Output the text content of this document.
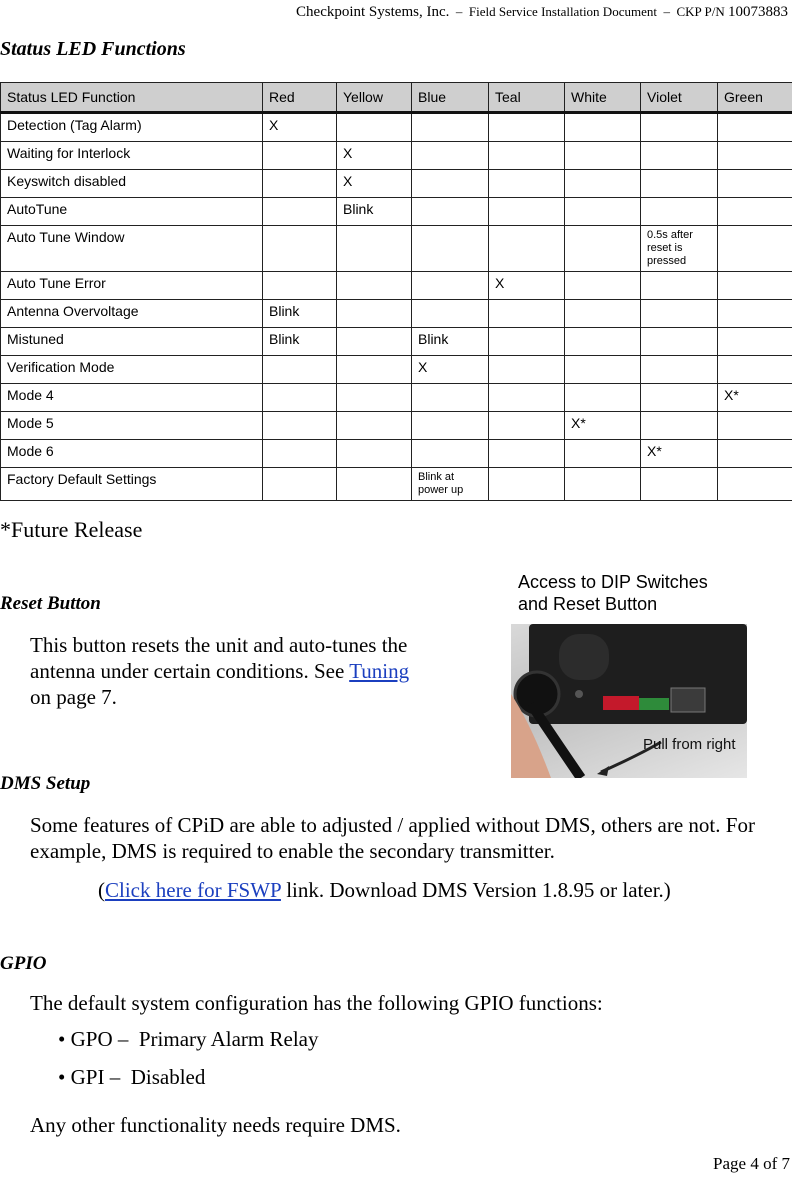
Checkpoint Systems, Inc. – Field Service Installation Document – CKP P/N 10073883
Status LED Functions
Status LED Function	Red	Yellow	Blue	Teal	White	Violet	Green
Detection (Tag Alarm)	X						
Waiting for Interlock		X					
Keyswitch disabled		X					
AutoTune		Blink					
Auto Tune Window						0.5s after reset is pressed	
Auto Tune Error				X			
Antenna Overvoltage	Blink						
Mistuned	Blink		Blink				
Verification Mode			X				
Mode 4							X*
Mode 5					X*		
Mode 6						X*	
Factory Default Settings			Blink at power up				
*Future Release
Reset Button
This button resets the unit and auto-tunes the antenna under certain conditions. See Tuning
on page 7.
Access to DIP Switches
and Reset Button
Pull from right
DMS Setup
Some features of CPiD are able to adjusted / applied without DMS, others are not. For example, DMS is required to enable the secondary transmitter.
(Click here for FSWP link. Download DMS Version 1.8.95 or later.)
GPIO
The default system configuration has the following GPIO functions:
• GPO –  Primary Alarm Relay
• GPI –  Disabled
Any other functionality needs require DMS.
Page 4 of 7
